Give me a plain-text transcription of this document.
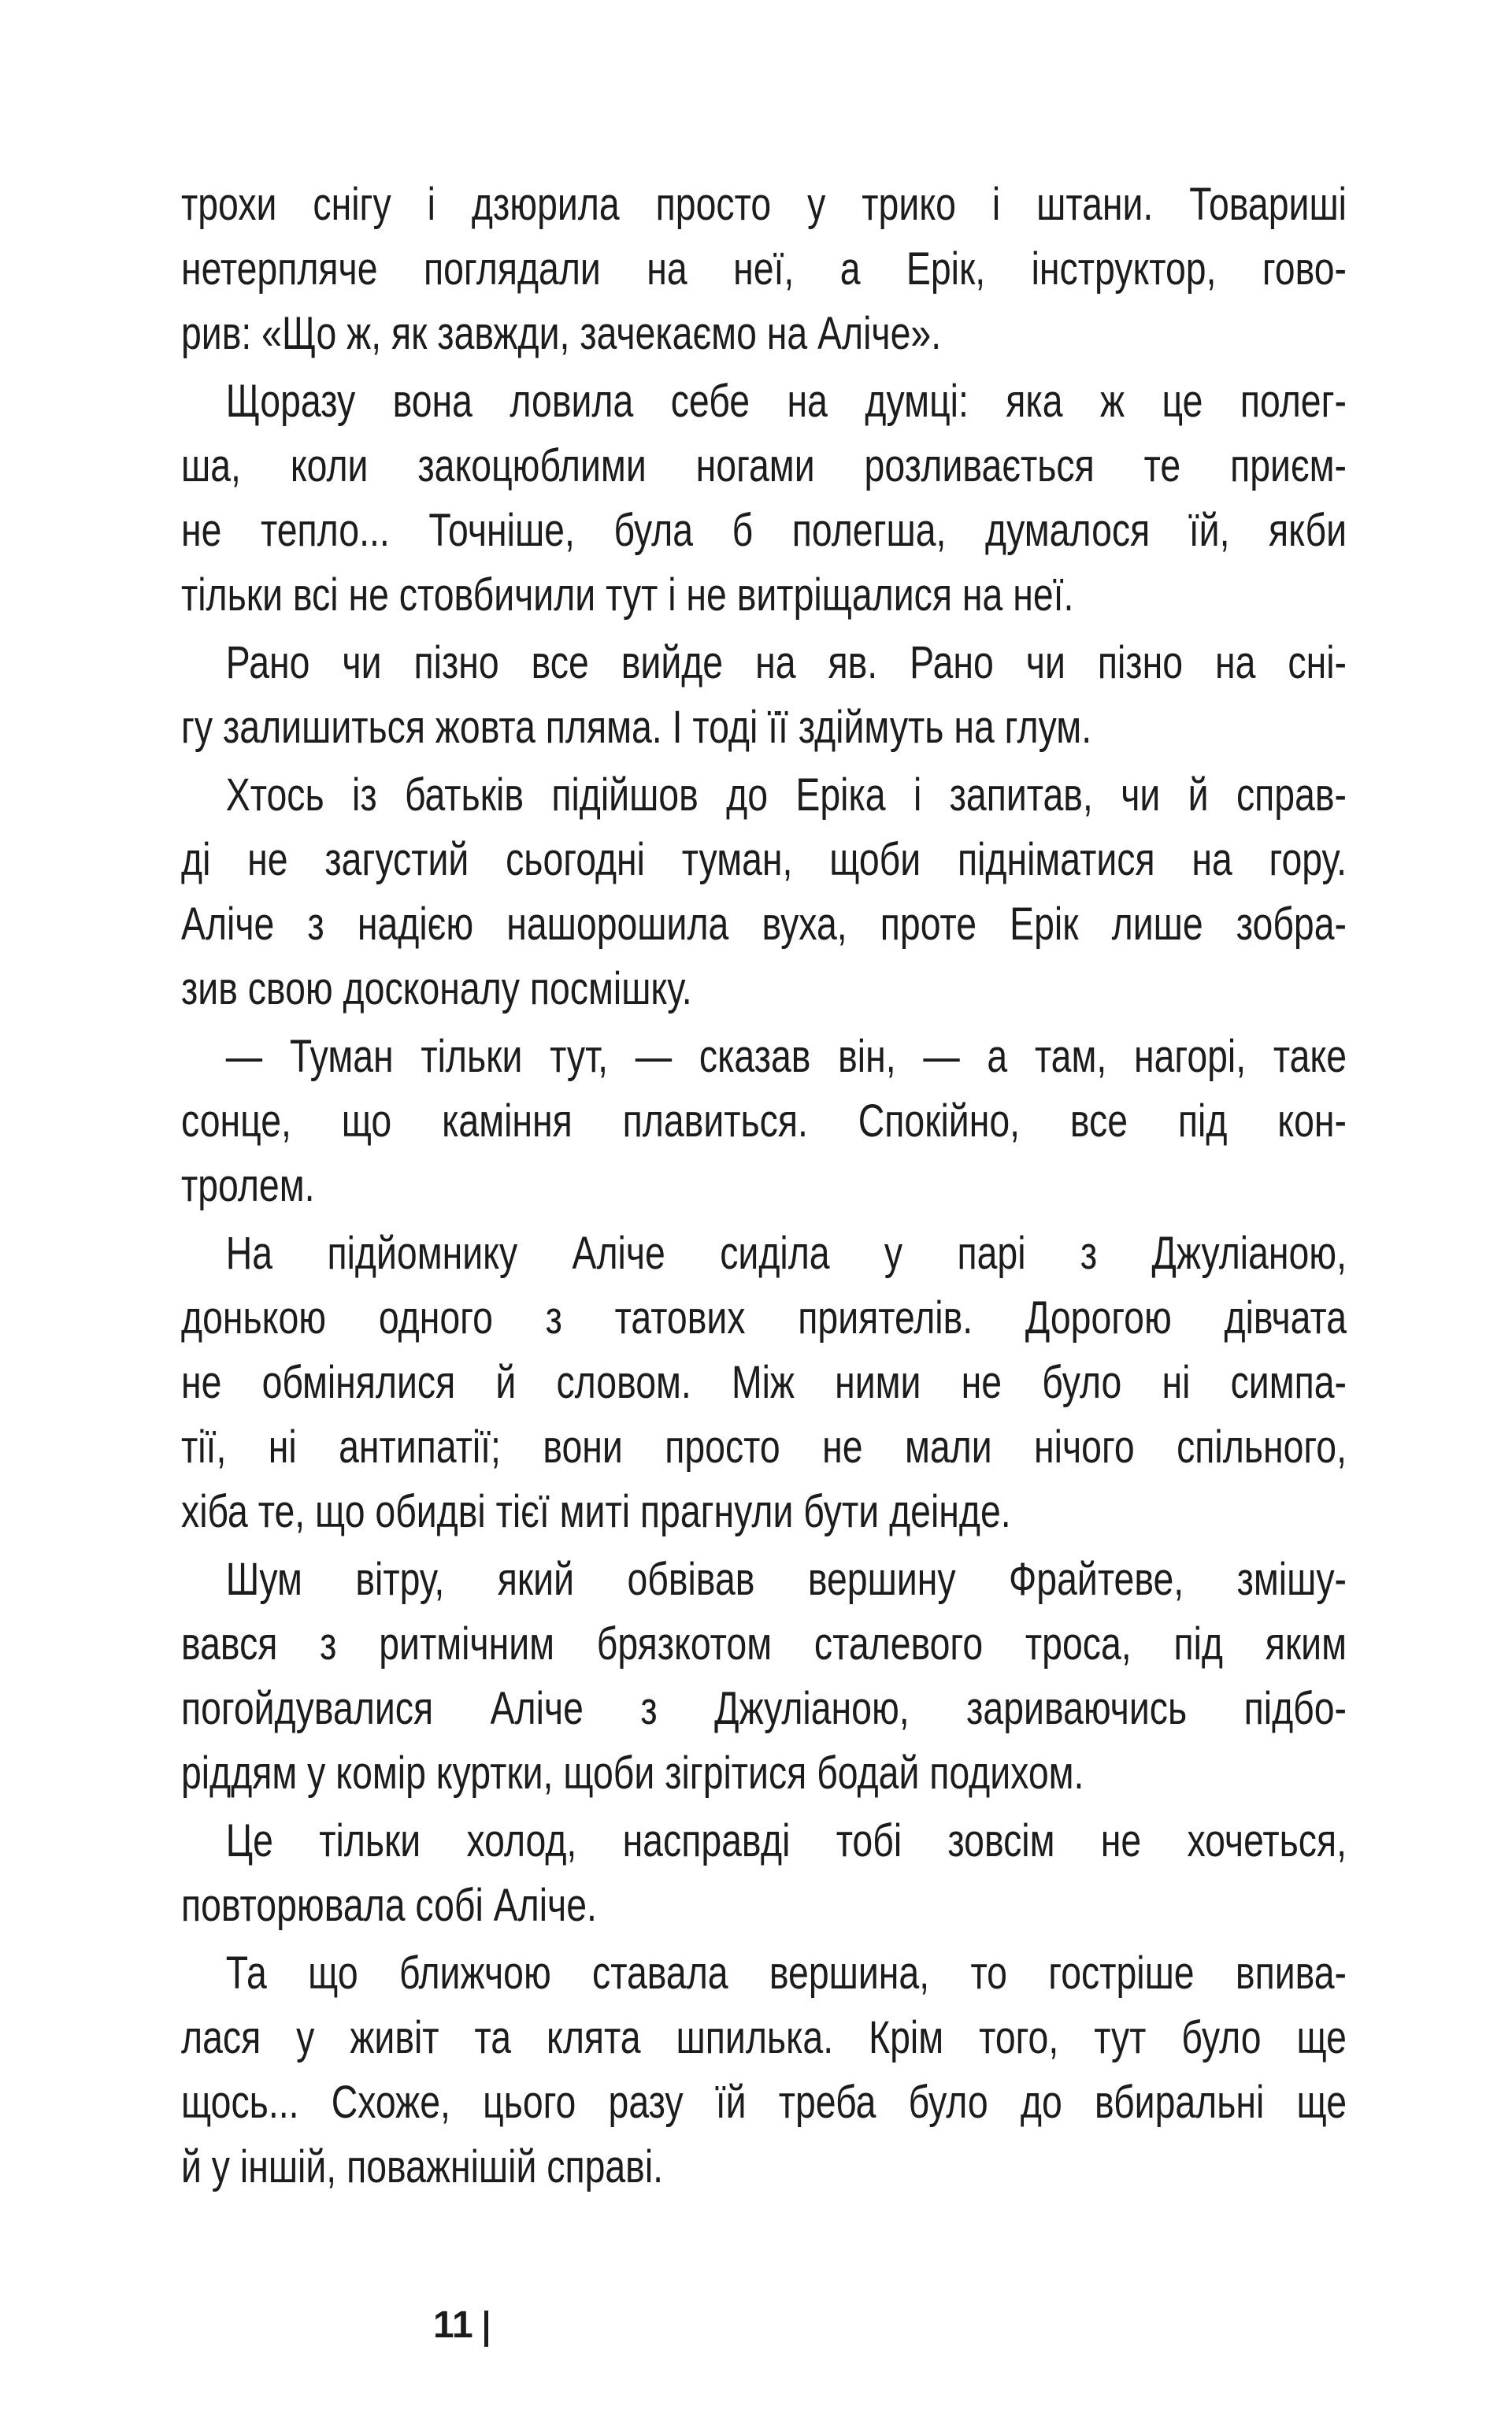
трохи снігу і дзюрила просто у трико і штани. Товариші
нетерпляче поглядали на неї, а Ерік, інструктор, гово-
рив: «Що ж, як завжди, зачекаємо на Аліче».
Щоразу вона ловила себе на думці: яка ж це полег-
ша, коли закоцюблими ногами розливається те приєм-
не тепло... Точніше, була б полегша, думалося їй, якби
тільки всі не стовбичили тут і не витріщалися на неї.
Рано чи пізно все вийде на яв. Рано чи пізно на сні-
гу залишиться жовта пляма. І тоді її здіймуть на глум.
Хтось із батьків підійшов до Еріка і запитав, чи й справ-
ді не загустий сьогодні туман, щоби підніматися на гору.
Аліче з надією нашорошила вуха, проте Ерік лише зобра-
зив свою досконалу посмішку.
— Туман тільки тут, — сказав він, — а там, нагорі, таке
сонце, що каміння плавиться. Спокійно, все під кон-
тролем.
На підйомнику Аліче сиділа у парі з Джуліаною,
донькою одного з татових приятелів. Дорогою дівчата
не обмінялися й словом. Між ними не було ні симпа-
тії, ні антипатії; вони просто не мали нічого спільного,
хіба те, що обидві тієї миті прагнули бути деінде.
Шум вітру, який обвівав вершину Фрайтеве, змішу-
вався з ритмічним брязкотом сталевого троса, під яким
погойдувалися Аліче з Джуліаною, зариваючись підбо-
ріддям у комір куртки, щоби зігрітися бодай подихом.
Це тільки холод, насправді тобі зовсім не хочеться,
повторювала собі Аліче.
Та що ближчою ставала вершина, то гостріше впива-
лася у живіт та клята шпилька. Крім того, тут було ще
щось... Схоже, цього разу їй треба було до вбиральні ще
й у іншій, поважнішій справі.
11
